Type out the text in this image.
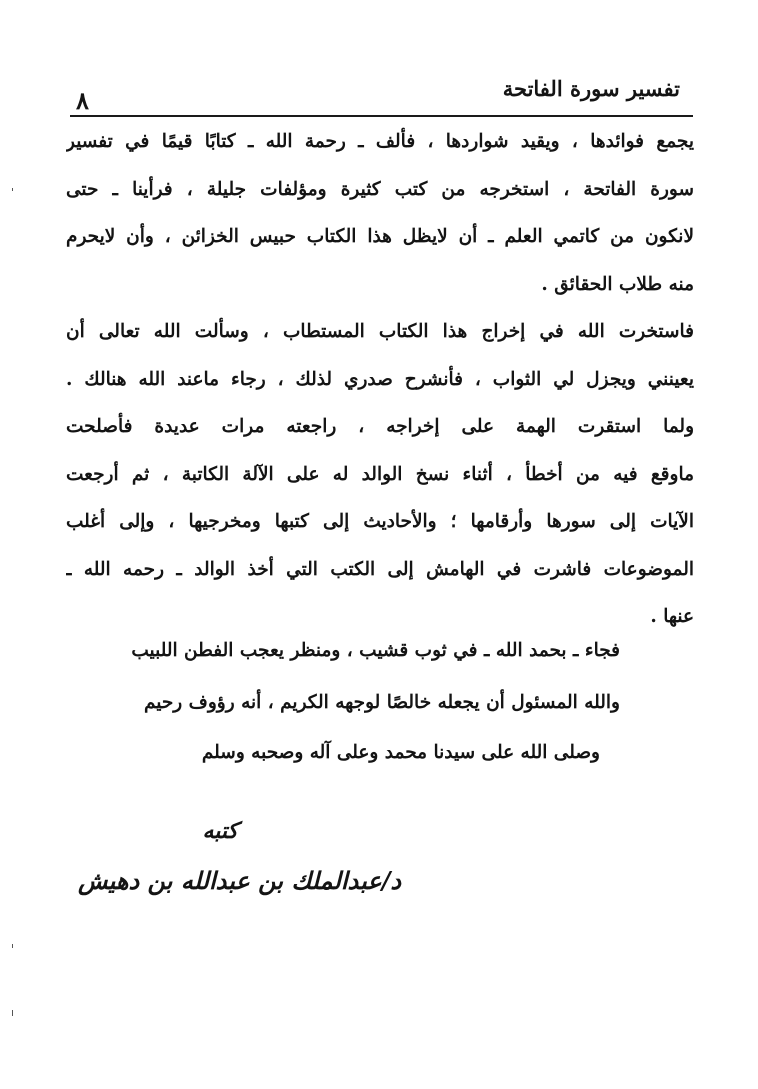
٨	تفسير سورة الفاتحة
يجمع فوائدها ، ويقيد شواردها ، فألف ـ رحمة الله ـ كتابًا قيمًا في تفسير
سورة الفاتحة ، استخرجه من كتب كثيرة ومؤلفات جليلة ، فرأينا ـ حتى
لانكون من كاتمي العلم ـ أن لايظل هذا الكتاب حبيس الخزائن ، وأن لايحرم
منه طلاب الحقائق .
فاستخرت الله في إخراج هذا الكتاب المستطاب ، وسألت الله تعالى أن
يعينني ويجزل لي الثواب ، فأنشرح صدري لذلك ، رجاء ماعند الله هنالك .
ولما استقرت الهمة على إخراجه ، راجعته مرات عديدة فأصلحت
ماوقع فيه من أخطأ ، أثناء نسخ الوالد له على الآلة الكاتبة ، ثم أرجعت
الآيات إلى سورها وأرقامها ؛ والأحاديث إلى كتبها ومخرجيها ، وإلى أغلب
الموضوعات فاشرت في الهامش إلى الكتب التي أخذ الوالد ـ رحمه الله ـ
عنها .
فجاء ـ بحمد الله ـ في ثوب قشيب ، ومنظر يعجب الفطن اللبيب
والله المسئول أن يجعله خالصًا لوجهه الكريم ، أنه رؤوف رحيم
وصلى الله على سيدنا محمد وعلى آله وصحبه وسلم
كتبه
د/عبدالملك بن عبدالله بن دهيش
